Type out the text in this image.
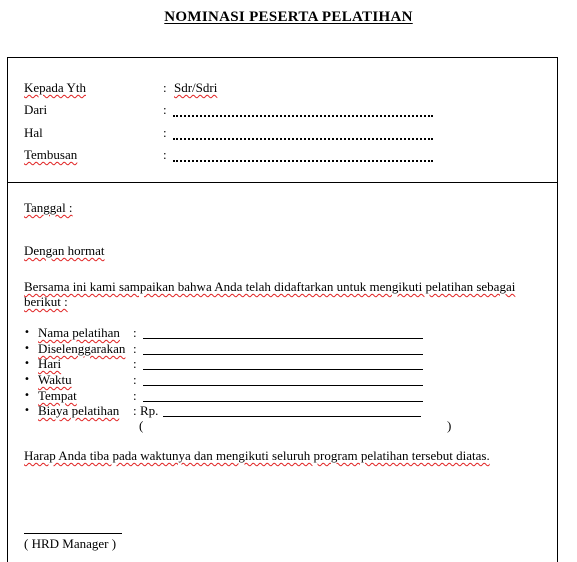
NOMINASI PESERTA PELATIHAN
Kepada Yth	: Sdr/Sdri
Dari	:
Hal	:
Tembusan	:
Tanggal :
Dengan hormat
Bersama ini kami sampaikan bahwa Anda telah didaftarkan untuk mengikuti pelatihan sebagai
berikut :
• Nama pelatihan :
• Diselenggarakan :
• Hari	:
• Waktu	:
• Tempat	:
• Biaya pelatihan : Rp.
(	)
Harap Anda tiba pada waktunya dan mengikuti seluruh program pelatihan tersebut diatas.
( HRD Manager )
